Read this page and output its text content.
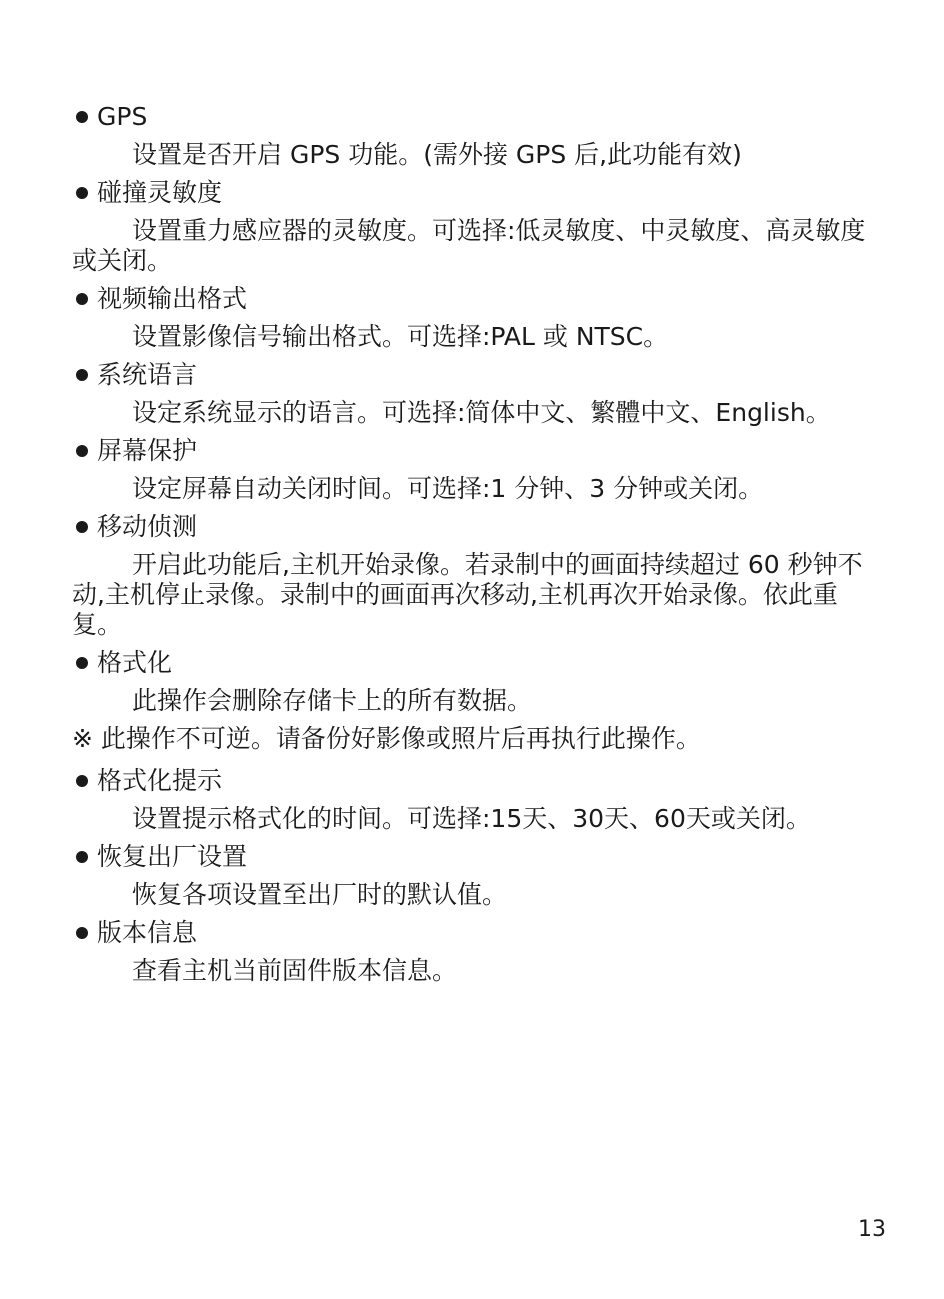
GPS

设置是否开启 GPS 功能。(需外接 GPS 后,此功能有效)

碰撞灵敏度

设置重力感应器的灵敏度。可选择:低灵敏度、中灵敏度、高灵敏度或关闭。

视频输出格式

设置影像信号输出格式。可选择:PAL 或 NTSC。

系统语言

设定系统显示的语言。可选择:简体中文、繁體中文、English。

屏幕保护

设定屏幕自动关闭时间。可选择:1 分钟、3 分钟或关闭。

移动侦测

开启此功能后,主机开始录像。若录制中的画面持续超过 60 秒钟不动,主机停止录像。录制中的画面再次移动,主机再次开始录像。依此重复。

格式化

此操作会删除存储卡上的所有数据。

※ 此操作不可逆。请备份好影像或照片后再执行此操作。
格式化提示

设置提示格式化的时间。可选择:15天、30天、60天或关闭。

恢复出厂设置

恢复各项设置至出厂时的默认值。

版本信息

查看主机当前固件版本信息。

13
